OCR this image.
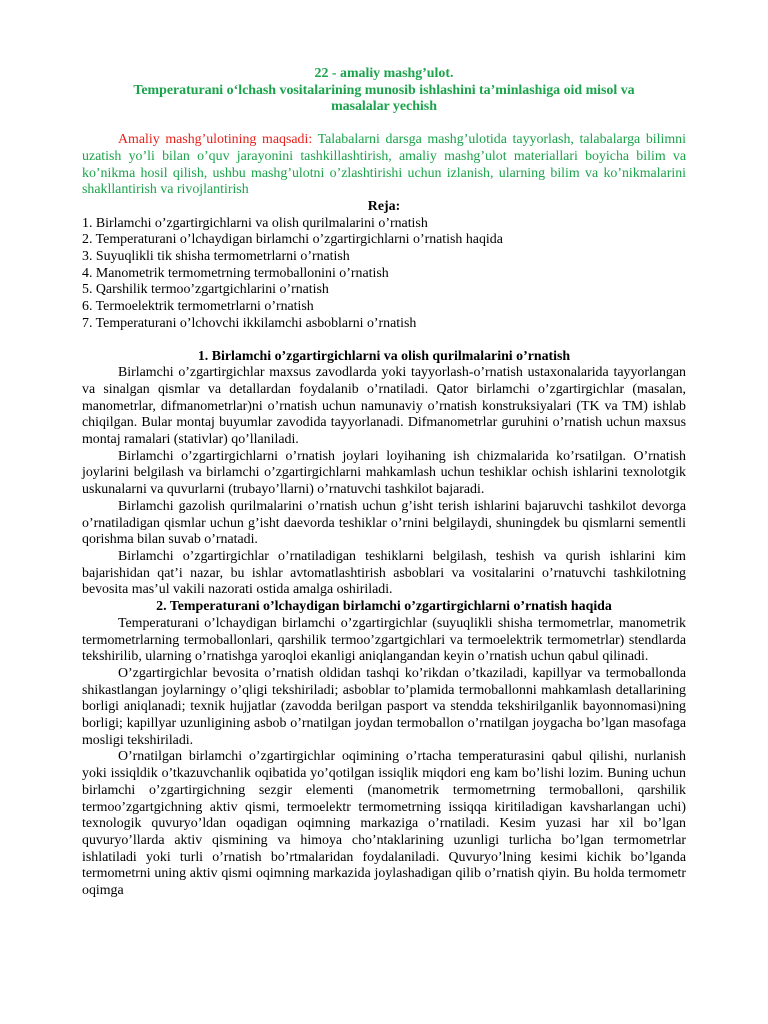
22 - amaliy mashg’ulot.

Temperaturani o‘lchash vositalarining munosib ishlashini ta’minlashiga oid misol va

masalalar yechish

Amaliy mashg’ulotining maqsadi: Talabalarni darsga mashg’ulotida tayyorlash, talabalarga bilimni uzatish yo’li bilan o’quv jarayonini tashkillashtirish, amaliy mashg’ulot materiallari boyicha bilim va ko’nikma hosil qilish, ushbu mashg’ulotni o’zlashtirishi uchun izlanish, ularning bilim va ko’nikmalarini shakllantirish va rivojlantirish

Reja:

1. Birlamchi o’zgartirgichlarni va olish qurilmalarini o’rnatish

2. Temperaturani o’lchaydigan birlamchi o’zgartirgichlarni o’rnatish haqida

3. Suyuqlikli tik shisha termometrlarni o’rnatish

4. Manometrik termometrning termoballonini o’rnatish

5. Qarshilik termoo’zgartgichlarini o’rnatish

6. Termoelektrik termometrlarni o’rnatish

7. Temperaturani o’lchovchi ikkilamchi asboblarni o’rnatish

1. Birlamchi o’zgartirgichlarni va olish qurilmalarini o’rnatish

Birlamchi o’zgartirgichlar maxsus zavodlarda yoki tayyorlash-o’rnatish ustaxonalarida tayyorlangan va sinalgan qismlar va detallardan foydalanib o’rnatiladi. Qator birlamchi o’zgartirgichlar (masalan, manometrlar, difmanometrlar)ni o’rnatish uchun namunaviy o’rnatish konstruksiyalari (TK va TM) ishlab chiqilgan. Bular montaj buyumlar zavodida tayyorlanadi. Difmanometrlar guruhini o’rnatish uchun maxsus montaj ramalari (stativlar) qo’llaniladi.

Birlamchi o’zgartirgichlarni o’rnatish joylari loyihaning ish chizmalarida ko’rsatilgan. O’rnatish joylarini belgilash va birlamchi o’zgartirgichlarni mahkamlash uchun teshiklar ochish ishlarini texnolotgik uskunalarni va quvurlarni (trubayo’llarni) o’rnatuvchi tashkilot bajaradi.

Birlamchi gazolish qurilmalarini o’rnatish uchun g’isht terish ishlarini bajaruvchi tashkilot devorga o’rnatiladigan qismlar uchun g’isht daevorda teshiklar o’rnini belgilaydi, shuningdek bu qismlarni sementli qorishma bilan suvab o’rnatadi.

Birlamchi o’zgartirgichlar o’rnatiladigan teshiklarni belgilash, teshish va qurish ishlarini kim bajarishidan qat’i nazar, bu ishlar avtomatlashtirish asboblari va vositalarini o’rnatuvchi tashkilotning bevosita mas’ul vakili nazorati ostida amalga oshiriladi.

2. Temperaturani o’lchaydigan birlamchi o’zgartirgichlarni o’rnatish haqida

Temperaturani o’lchaydigan birlamchi o’zgartirgichlar (suyuqlikli shisha termometrlar, manometrik termometrlarning termoballonlari, qarshilik termoo’zgartgichlari va termoelektrik termometrlar) stendlarda tekshirilib, ularning o’rnatishga yaroqloi ekanligi aniqlangandan keyin o’rnatish uchun qabul qilinadi.

O’zgartirgichlar bevosita o’rnatish oldidan tashqi ko’rikdan o’tkaziladi, kapillyar va termoballonda shikastlangan joylarningy o’qligi tekshiriladi; asboblar to’plamida termoballonni mahkamlash detallarining borligi aniqlanadi; texnik hujjatlar (zavodda berilgan pasport va stendda tekshirilganlik bayonnomasi)ning borligi; kapillyar uzunligining asbob o’rnatilgan joydan termoballon o’rnatilgan joygacha bo’lgan masofaga mosligi tekshiriladi.

O’rnatilgan birlamchi o’zgartirgichlar oqimining o’rtacha temperaturasini qabul qilishi, nurlanish yoki issiqldik o’tkazuvchanlik oqibatida yo’qotilgan issiqlik miqdori eng kam bo’lishi lozim. Buning uchun birlamchi o’zgartirgichning sezgir elementi (manometrik termometrning termoballoni, qarshilik termoo’zgartgichning aktiv qismi, termoelektr termometrning issiqqa kiritiladigan kavsharlangan uchi) texnologik quvuryo’ldan oqadigan oqimning markaziga o’rnatiladi. Kesim yuzasi har xil bo’lgan quvuryo’llarda aktiv qismining va himoya cho’ntaklarining uzunligi turlicha bo’lgan termometrlar ishlatiladi yoki turli o’rnatish bo’rtmalaridan foydalaniladi. Quvuryo’lning kesimi kichik bo’lganda termometrni uning aktiv qismi oqimning markazida joylashadigan qilib o’rnatish qiyin. Bu holda termometr oqimga
